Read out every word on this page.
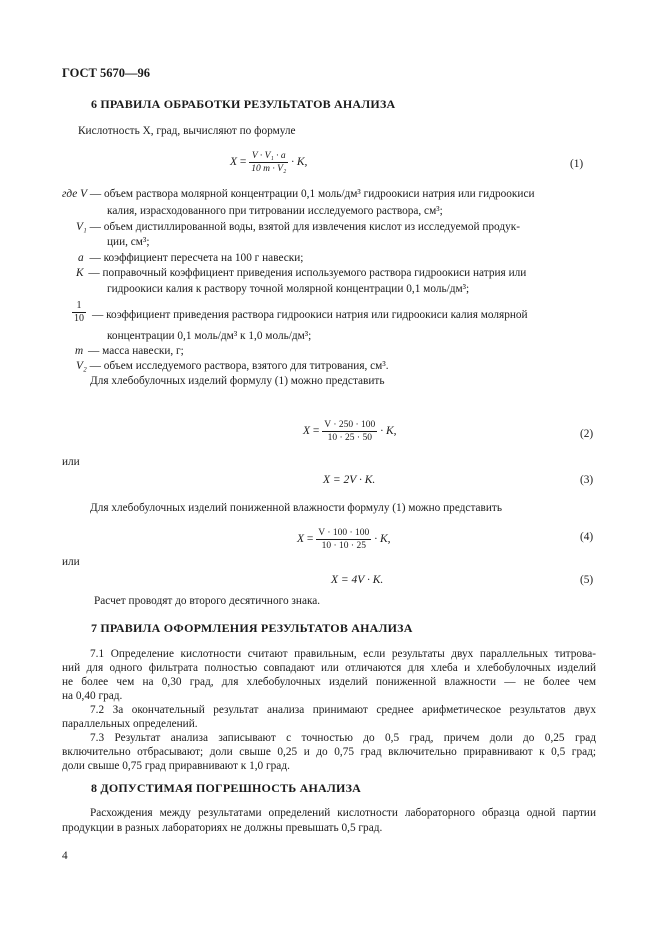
ГОСТ 5670—96
6 ПРАВИЛА ОБРАБОТКИ РЕЗУЛЬТАТОВ АНАЛИЗА
Кислотность X, град, вычисляют по формуле
$X = \frac{\text{V · V₁ · a}}{\text{10 m · V₂}} \cdot K$,	(1)
где V — объем раствора молярной концентрации 0,1 моль/дм³ гидроокиси натрия или гидроокиси
калия, израсходованного при титровании исследуемого раствора, см³;
V₁ — объем дистиллированной воды, взятой для извлечения кислот из исследуемой продук-
ции, см³;
a — коэффициент пересчета на 100 г навески;
K — поправочный коэффициент приведения используемого раствора гидроокиси натрия или
гидроокиси калия к раствору точной молярной концентрации 0,1 моль/дм³;
$\frac{1}{10}$ — коэффициент приведения раствора гидроокиси натрия или гидроокиси калия молярной
концентрации 0,1 моль/дм³ к 1,0 моль/дм³;
m — масса навески, г;
V₂ — объем исследуемого раствора, взятого для титрования, см³.
Для хлебобулочных изделий формулу (1) можно представить
$X = \frac{V \cdot 250 \cdot 100}{10 \cdot 25 \cdot 50} \cdot K$,	(2)
или
X = 2V · K.	(3)
Для хлебобулочных изделий пониженной влажности формулу (1) можно представить
$X = \frac{V \cdot 100 \cdot 100}{10 \cdot 10 \cdot 25} \cdot K$,	(4)
или
X = 4V · K.	(5)
Расчет проводят до второго десятичного знака.
7 ПРАВИЛА ОФОРМЛЕНИЯ РЕЗУЛЬТАТОВ АНАЛИЗА
7.1 Определение кислотности считают правильным, если результаты двух параллельных титрова-
ний для одного фильтрата полностью совпадают или отличаются для хлеба и хлебобулочных изделий
не более чем на 0,30 град, для хлебобулочных изделий пониженной влажности — не более чем
на 0,40 град.
7.2 За окончательный результат анализа принимают среднее арифметическое результатов двух
параллельных определений.
7.3 Результат анализа записывают с точностью до 0,5 град, причем доли до 0,25 град
включительно отбрасывают; доли свыше 0,25 и до 0,75 град включительно приравнивают к 0,5 град;
доли свыше 0,75 град приравнивают к 1,0 град.
8 ДОПУСТИМАЯ ПОГРЕШНОСТЬ АНАЛИЗА
Расхождения между результатами определений кислотности лабораторного образца одной партии
продукции в разных лабораториях не должны превышать 0,5 град.
4
